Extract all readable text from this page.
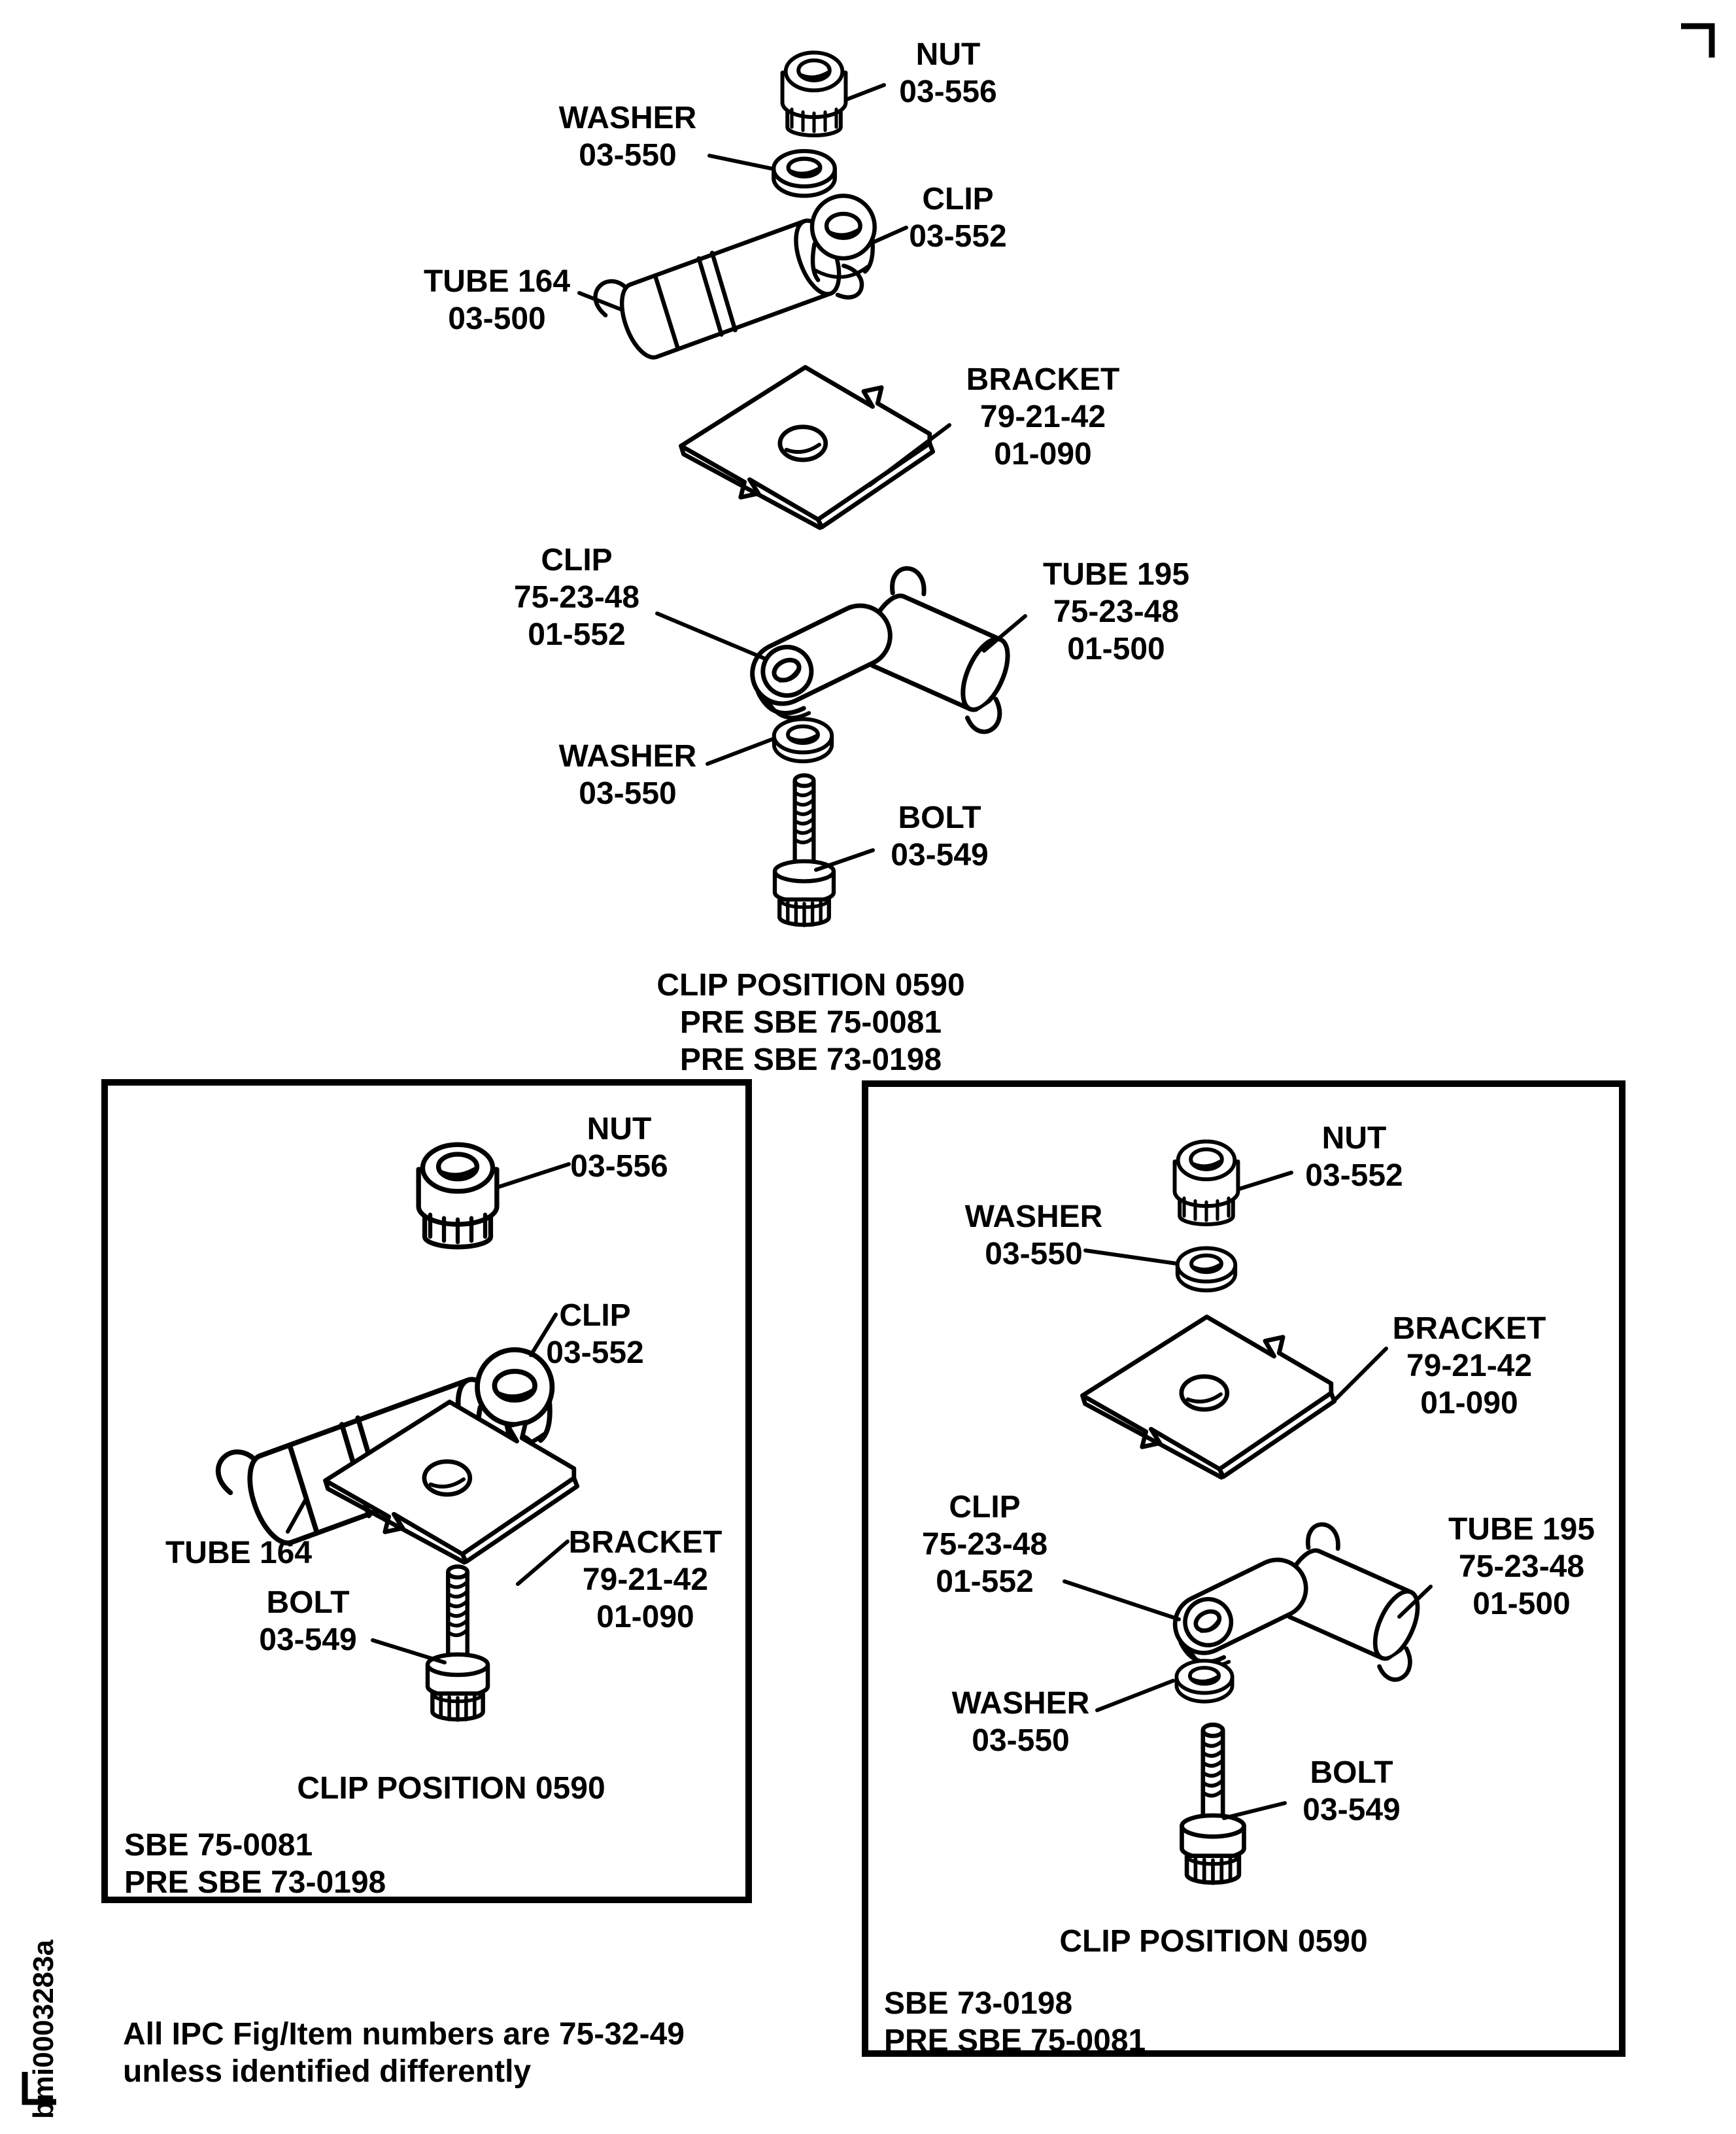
NUT
03-556
WASHER
03-550
CLIP
03-552
TUBE 164
03-500
BRACKET
79-21-42
01-090
CLIP
75-23-48
01-552
TUBE 195
75-23-48
01-500
WASHER
03-550
BOLT
03-549
CLIP POSITION 0590
PRE SBE 75-0081
PRE SBE 73-0198
NUT
03-556
CLIP
03-552
TUBE 164	BRACKET
79-21-42
01-090
BOLT
03-549
CLIP POSITION 0590
SBE 75-0081
PRE SBE 73-0198
NUT
03-552
WASHER
03-550
BRACKET
79-21-42
01-090
CLIP
75-23-48
01-552
TUBE 195
75-23-48
01-500
WASHER
03-550
BOLT
03-549
CLIP POSITION 0590
SBE 73-0198
PRE SBE 75-0081
All IPC Fig/Item numbers are 75-32-49
unless identified differently
bmi0003283a
